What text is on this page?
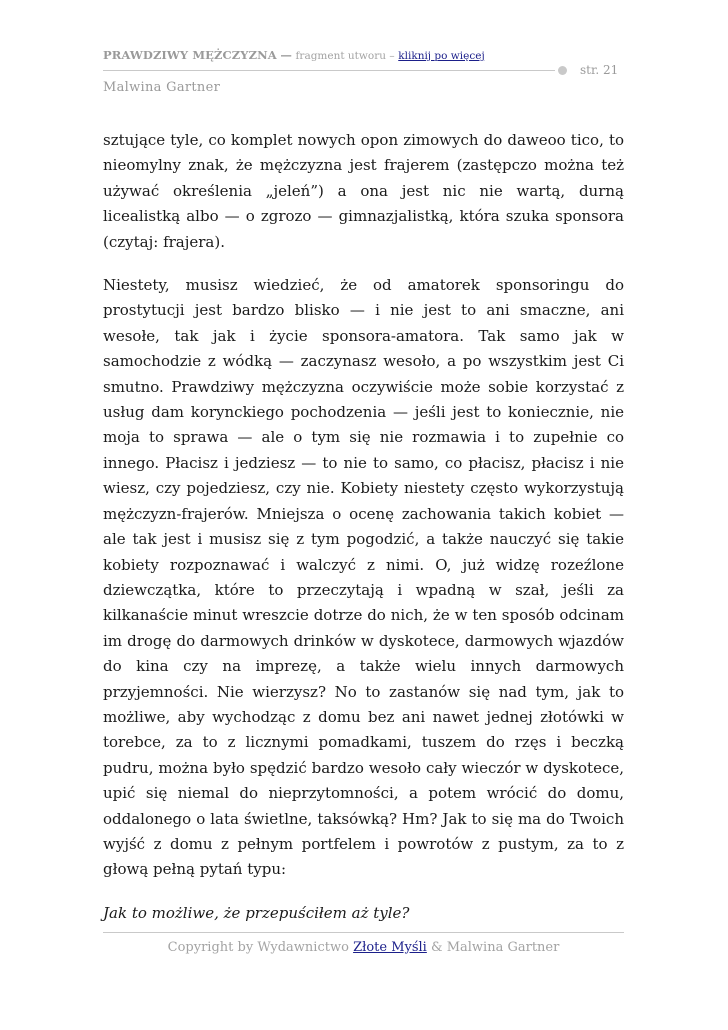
PRAWDZIWY MĘŻCZYZNA — fragment utworu – kliknij po więcej
str. 21
Malwina Gartner

sztujące tyle, co komplet nowych opon zimowych do daweoo tico, to nieomylny znak, że mężczyzna jest frajerem (zastępczo można też używać określenia „jeleń”) a ona jest nic nie wartą, durną licealistką albo — o zgrozo — gimnazjalistką, która szuka sponsora (czytaj: frajera).

Niestety, musisz wiedzieć, że od amatorek sponsoringu do prostytucji jest bardzo blisko — i nie jest to ani smaczne, ani wesołe, tak jak i życie sponsora-amatora. Tak samo jak w samochodzie z wódką — zaczynasz wesoło, a po wszystkim jest Ci smutno. Prawdziwy mężczyzna oczywiście może sobie korzystać z usług dam korynckiego pochodzenia — jeśli jest to koniecznie, nie moja to sprawa — ale o tym się nie rozmawia i to zupełnie co innego. Płacisz i jedziesz — to nie to samo, co płacisz, płacisz i nie wiesz, czy pojedziesz, czy nie. Kobiety niestety często wykorzystują mężczyzn-frajerów. Mniejsza o ocenę zachowania takich kobiet — ale tak jest i musisz się z tym pogodzić, a także nauczyć się takie kobiety rozpoznawać i walczyć z nimi. O, już widzę rozeźlone dziewczątka, które to przeczytają i wpadną w szał, jeśli za kilkanaście minut wreszcie dotrze do nich, że w ten sposób odcinam im drogę do darmowych drinków w dyskotece, darmowych wjazdów do kina czy na imprezę, a także wielu innych darmowych przyjemności. Nie wierzysz? No to zastanów się nad tym, jak to możliwe, aby wychodząc z domu bez ani nawet jednej złotówki w torebce, za to z licznymi pomadkami, tuszem do rzęs i beczką pudru, można było spędzić bardzo wesoło cały wieczór w dyskotece, upić się niemal do nieprzytomności, a potem wrócić do domu, oddalonego o lata świetlne, taksówką? Hm? Jak to się ma do Twoich wyjść z domu z pełnym portfelem i powrotów z pustym, za to z głową pełną pytań typu:

Jak to możliwe, że przepuściłem aż tyle?

Copyright by Wydawnictwo Złote Myśli & Malwina Gartner
